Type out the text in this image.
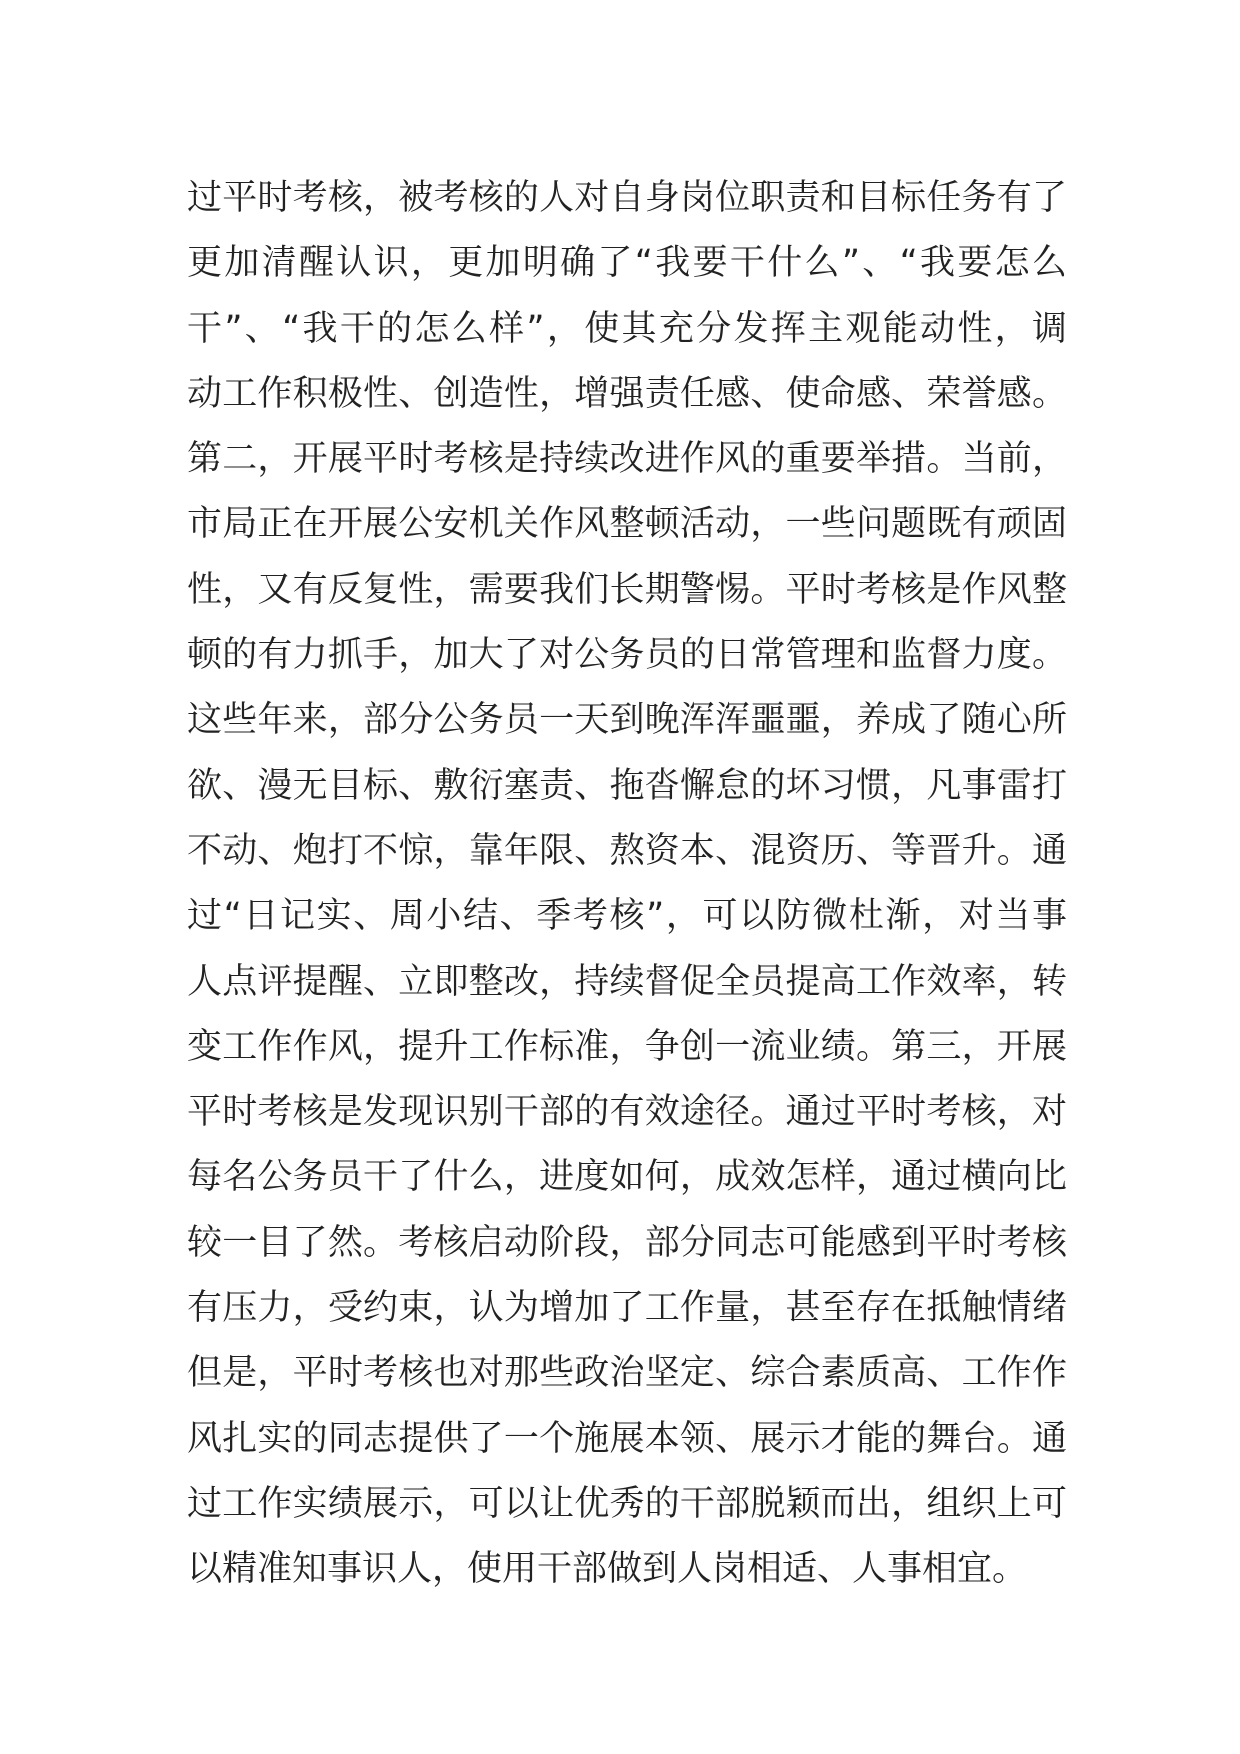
过平时考核，被考核的人对自身岗位职责和目标任务有了
更加清醒认识，更加明确了“我要干什么”、“我要怎么
干”、“我干的怎么样”，使其充分发挥主观能动性，调
动工作积极性、创造性，增强责任感、使命感、荣誉感。
第二，开展平时考核是持续改进作风的重要举措。当前，
市局正在开展公安机关作风整顿活动，一些问题既有顽固
性，又有反复性，需要我们长期警惕。平时考核是作风整
顿的有力抓手，加大了对公务员的日常管理和监督力度。
这些年来，部分公务员一天到晚浑浑噩噩，养成了随心所
欲、漫无目标、敷衍塞责、拖沓懈怠的坏习惯，凡事雷打
不动、炮打不惊，靠年限、熬资本、混资历、等晋升。通
过“日记实、周小结、季考核”，可以防微杜渐，对当事
人点评提醒、立即整改，持续督促全员提高工作效率，转
变工作作风，提升工作标准，争创一流业绩。第三，开展
平时考核是发现识别干部的有效途径。通过平时考核，对
每名公务员干了什么，进度如何，成效怎样，通过横向比
较一目了然。考核启动阶段，部分同志可能感到平时考核
有压力，受约束，认为增加了工作量，甚至存在抵触情绪
但是，平时考核也对那些政治坚定、综合素质高、工作作
风扎实的同志提供了一个施展本领、展示才能的舞台。通
过工作实绩展示，可以让优秀的干部脱颖而出，组织上可
以精准知事识人，使用干部做到人岗相适、人事相宜。
